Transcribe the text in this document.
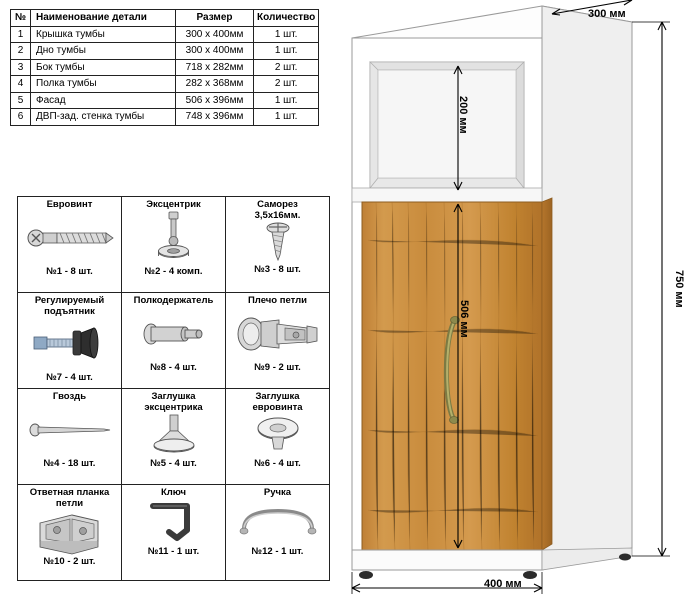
№	Наименование детали	Размер	Количество
1	Крышка тумбы	300 х 400мм	1 шт.
2	Дно тумбы	300 х 400мм	1 шт.
3	Бок тумбы	718 х 282мм	2 шт.
4	Полка тумбы	282 х 368мм	2 шт.
5	Фасад	506 х 396мм	1 шт.
6	ДВП-зад. стенка тумбы	748 х 396мм	1 шт.
Евровинт
№1 - 8 шт.

Эксцентрик
№2 - 4 комп.

Саморез
3,5х16мм.
№3 - 8 шт.

Регулируемый
подъятник
№7 - 4 шт.

Полкодержатель
№8 - 4 шт.

Плечо петли
№9 - 2 шт.

Гвоздь
№4 - 18 шт.

Заглушка
эксцентрика
№5 - 4 шт.

Заглушка
евровинта
№6 - 4 шт.

Ответная планка
петли
№10 - 2 шт.

Ключ
№11 - 1 шт.

Ручка
№12 - 1 шт.
300 мм
400 мм
750 мм
200 мм
506 мм
